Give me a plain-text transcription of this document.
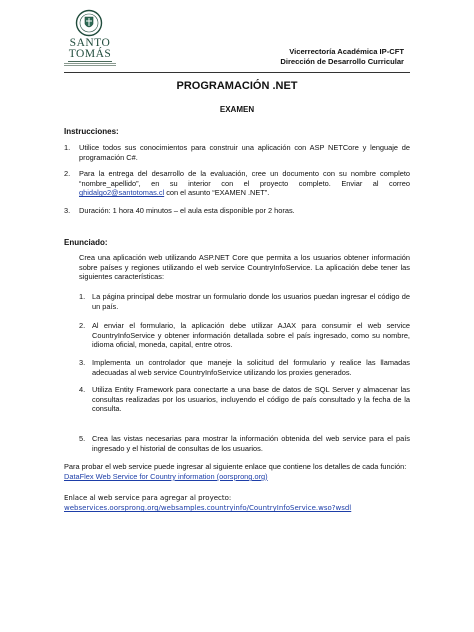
SANTO
TOMÁS	Vicerrectoría Académica IP-CFT
Dirección de Desarrollo Curricular
PROGRAMACIÓN .NET
EXAMEN
Instrucciones:
1. Utilice todos sus conocimientos para construir una aplicación con ASP NETCore y lenguaje de programación C#.
2. Para la entrega del desarrollo de la evaluación, cree un documento con su nombre completo “nombre_apellido”, en su interior con el proyecto completo. Enviar al correo ghidalgo2@santotomas.cl con el asunto “EXAMEN .NET”.
3. Duración: 1 hora 40 minutos – el aula esta disponible por 2 horas.
Enunciado:
Crea una aplicación web utilizando ASP.NET Core que permita a los usuarios obtener información sobre países y regiones utilizando el web service CountryInfoService. La aplicación debe tener las siguientes características:
1. La página principal debe mostrar un formulario donde los usuarios puedan ingresar el código de un país.
2. Al enviar el formulario, la aplicación debe utilizar AJAX para consumir el web service CountryInfoService y obtener información detallada sobre el país ingresado, como su nombre, idioma oficial, moneda, capital, entre otros.
3. Implementa un controlador que maneje la solicitud del formulario y realice las llamadas adecuadas al web service CountryInfoService utilizando los proxies generados.
4. Utiliza Entity Framework para conectarte a una base de datos de SQL Server y almacenar las consultas realizadas por los usuarios, incluyendo el código de país consultado y la fecha de la consulta.
5. Crea las vistas necesarias para mostrar la información obtenida del web service para el país ingresado y el historial de consultas de los usuarios.
Para probar el web service puede ingresar al siguiente enlace que contiene los detalles de cada función:
DataFlex Web Service for Country information (oorsprong.org)
Enlace al web service para agregar al proyecto:
webservices.oorsprong.org/websamples.countryinfo/CountryInfoService.wso?wsdl
